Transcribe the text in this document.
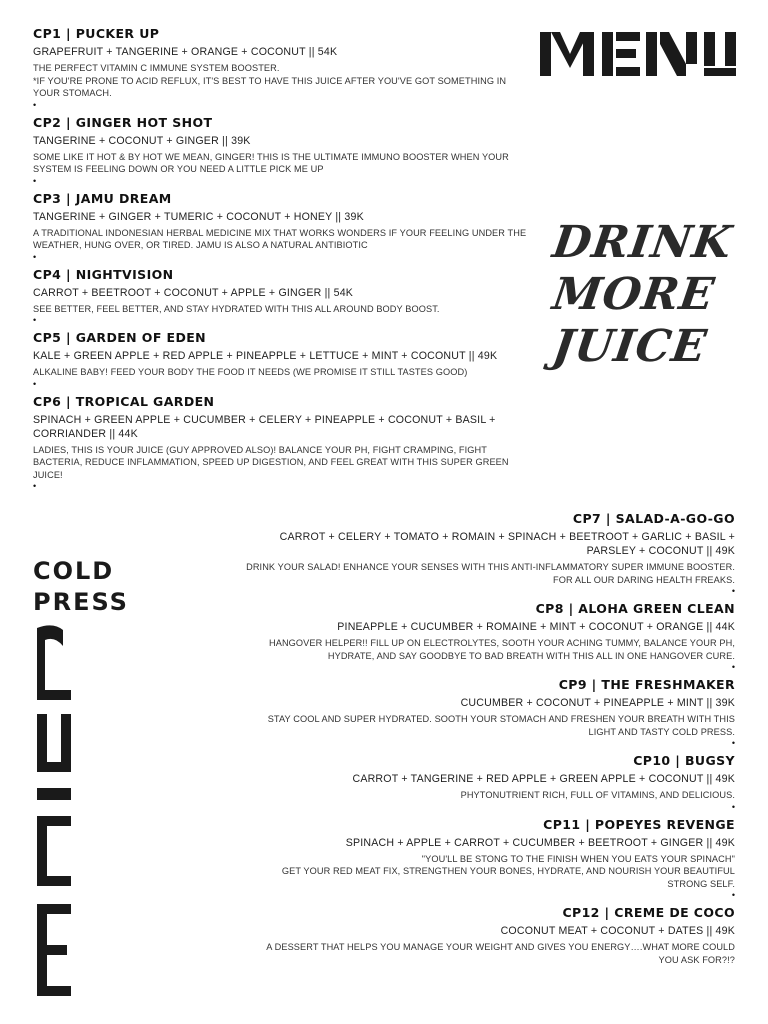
DRINK
MORE
JUICE
COLD
PRESS
CP1 | PUCKER UP
GRAPEFRUIT + TANGERINE + ORANGE + COCONUT || 54K
THE PERFECT VITAMIN C IMMUNE SYSTEM BOOSTER.
*IF YOU'RE PRONE TO ACID REFLUX, IT'S BEST TO HAVE THIS JUICE AFTER YOU'VE GOT SOMETHING IN YOUR STOMACH.
•
CP2 | GINGER HOT SHOT
TANGERINE + COCONUT + GINGER || 39K
SOME LIKE IT HOT & BY HOT WE MEAN, GINGER! THIS IS THE ULTIMATE IMMUNO BOOSTER WHEN YOUR SYSTEM IS FEELING DOWN OR YOU NEED A LITTLE PICK ME UP
•
CP3 | JAMU DREAM
TANGERINE + GINGER + TUMERIC + COCONUT + HONEY || 39K
A TRADITIONAL INDONESIAN HERBAL MEDICINE MIX THAT WORKS WONDERS IF YOUR FEELING UNDER THE WEATHER, HUNG OVER, OR TIRED. JAMU IS ALSO A NATURAL ANTIBIOTIC
•
CP4 | NIGHTVISION
CARROT + BEETROOT + COCONUT + APPLE + GINGER || 54K
SEE BETTER, FEEL BETTER, AND STAY HYDRATED WITH THIS ALL AROUND BODY BOOST.
•
CP5 | GARDEN OF EDEN
KALE + GREEN APPLE + RED APPLE + PINEAPPLE + LETTUCE + MINT + COCONUT || 49K
ALKALINE BABY! FEED YOUR BODY THE FOOD IT NEEDS (WE PROMISE IT STILL TASTES GOOD)
•
CP6 | TROPICAL GARDEN
SPINACH + GREEN APPLE + CUCUMBER + CELERY + PINEAPPLE + COCONUT + BASIL + CORRIANDER || 44K
LADIES, THIS IS YOUR JUICE (GUY APPROVED ALSO)! BALANCE YOUR PH, FIGHT CRAMPING, FIGHT BACTERIA, REDUCE INFLAMMATION, SPEED UP DIGESTION, AND FEEL GREAT WITH THIS SUPER GREEN JUICE!
•
CP7 | SALAD-A-GO-GO
CARROT + CELERY + TOMATO + ROMAIN + SPINACH + BEETROOT + GARLIC + BASIL + PARSLEY + COCONUT || 49K
DRINK YOUR SALAD! ENHANCE YOUR SENSES WITH THIS ANTI-INFLAMMATORY SUPER IMMUNE BOOSTER. FOR ALL OUR DARING HEALTH FREAKS.
•
CP8 | ALOHA GREEN CLEAN
PINEAPPLE + CUCUMBER + ROMAINE + MINT + COCONUT + ORANGE || 44K
HANGOVER HELPER!! FILL UP ON ELECTROLYTES, SOOTH YOUR ACHING TUMMY, BALANCE YOUR PH, HYDRATE, AND SAY GOODBYE TO BAD BREATH WITH THIS ALL IN ONE HANGOVER CURE.
•
CP9 | THE FRESHMAKER
CUCUMBER + COCONUT + PINEAPPLE + MINT || 39K
STAY COOL AND SUPER HYDRATED. SOOTH YOUR STOMACH AND FRESHEN YOUR BREATH WITH THIS LIGHT AND TASTY COLD PRESS.
•
CP10 | BUGSY
CARROT + TANGERINE + RED APPLE + GREEN APPLE + COCONUT || 49K
PHYTONUTRIENT RICH, FULL OF VITAMINS, AND DELICIOUS.
•
CP11 | POPEYES REVENGE
SPINACH + APPLE + CARROT + CUCUMBER + BEETROOT + GINGER || 49K
"YOU'LL BE STONG TO THE FINISH WHEN YOU EATS YOUR SPINACH"
GET YOUR RED MEAT FIX, STRENGTHEN YOUR BONES, HYDRATE, AND NOURISH YOUR BEAUTIFUL STRONG SELF.
•
CP12 | CREME DE COCO
COCONUT MEAT + COCONUT + DATES || 49K
A DESSERT THAT HELPS YOU MANAGE YOUR WEIGHT AND GIVES YOU ENERGY….WHAT MORE COULD YOU ASK FOR?!?
